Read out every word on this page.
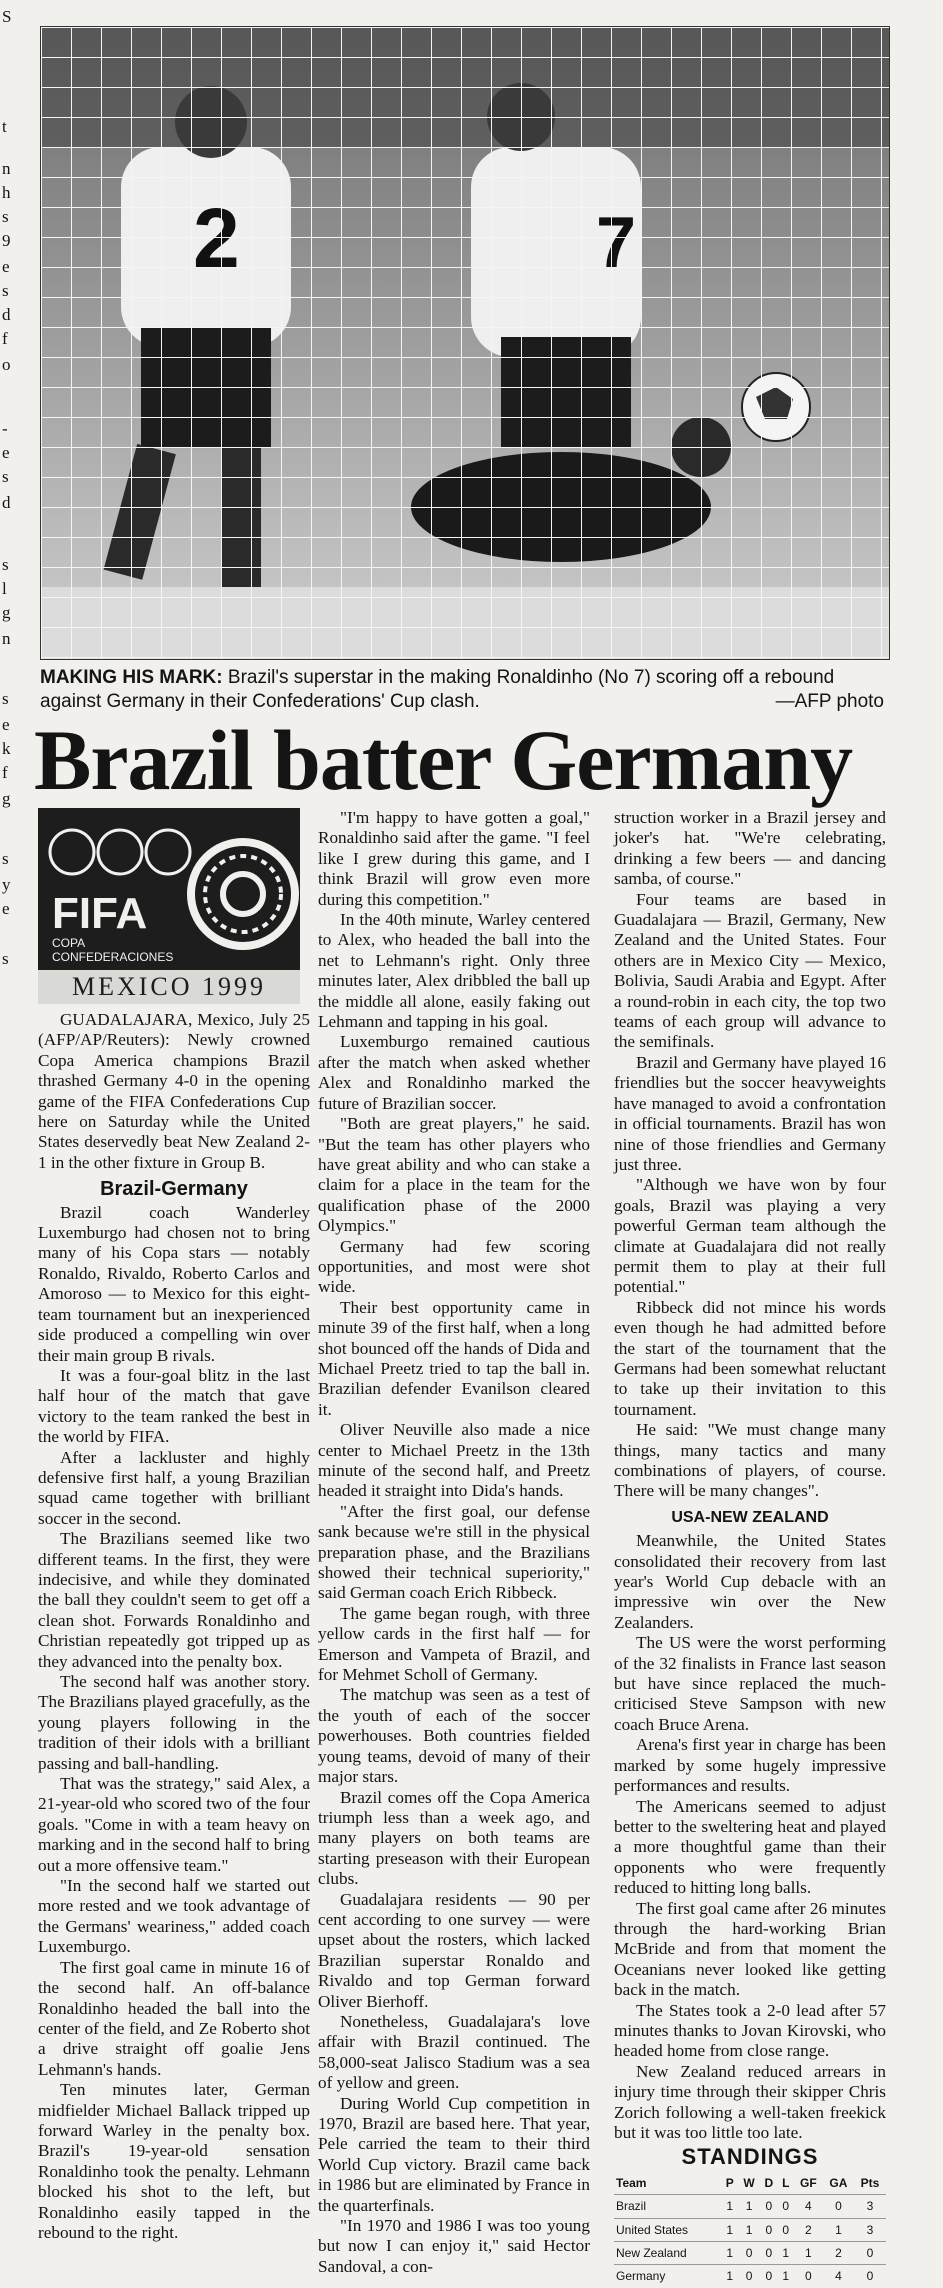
S
t
n
h
s
9
e
s
d
f
o
-
e
s
d
s
l
g
n
s
e
k
f
g
s
y
e
s
MAKING HIS MARK: Brazil's superstar in the making Ronaldinho (No 7) scoring off a rebound against Germany in their Confederations' Cup clash.	—AFP photo
Brazil batter Germany
FIFA
COPA
CONFEDERACIONES
MEXICO 1999

GUADALAJARA, Mexico, July 25 (AFP/AP/Reuters): Newly crowned Copa America champions Brazil thrashed Germany 4-0 in the opening game of the FIFA Confederations Cup here on Saturday while the United States deservedly beat New Zealand 2-1 in the other fixture in Group B.

Brazil-Germany

Brazil coach Wanderley Luxemburgo had chosen not to bring many of his Copa stars — notably Ronaldo, Rivaldo, Roberto Carlos and Amoroso — to Mexico for this eight-team tournament but an inexperienced side produced a compelling win over their main group B rivals.

It was a four-goal blitz in the last half hour of the match that gave victory to the team ranked the best in the world by FIFA.

After a lackluster and highly defensive first half, a young Brazilian squad came together with brilliant soccer in the second.

The Brazilians seemed like two different teams. In the first, they were indecisive, and while they dominated the ball they couldn't seem to get off a clean shot. Forwards Ronaldinho and Christian repeatedly got tripped up as they advanced into the penalty box.

The second half was another story. The Brazilians played gracefully, as the young players following in the tradition of their idols with a brilliant passing and ball-handling.

That was the strategy," said Alex, a 21-year-old who scored two of the four goals. "Come in with a team heavy on marking and in the second half to bring out a more offensive team."

"In the second half we started out more rested and we took advantage of the Germans' weariness," added coach Luxemburgo.

The first goal came in minute 16 of the second half. An off-balance Ronaldinho headed the ball into the center of the field, and Ze Roberto shot a drive straight off goalie Jens Lehmann's hands.

Ten minutes later, German midfielder Michael Ballack tripped up forward Warley in the penalty box. Brazil's 19-year-old sensation Ronaldinho took the penalty. Lehmann blocked his shot to the left, but Ronaldinho easily tapped in the rebound to the right.

"I'm happy to have gotten a goal," Ronaldinho said after the game. "I feel like I grew during this game, and I think Brazil will grow even more during this competition."

In the 40th minute, Warley centered to Alex, who headed the ball into the net to Lehmann's right. Only three minutes later, Alex dribbled the ball up the middle all alone, easily faking out Lehmann and tapping in his goal.

Luxemburgo remained cautious after the match when asked whether Alex and Ronaldinho marked the future of Brazilian soccer.

"Both are great players," he said. "But the team has other players who have great ability and who can stake a claim for a place in the team for the qualification phase of the 2000 Olympics."

Germany had few scoring opportunities, and most were shot wide.

Their best opportunity came in minute 39 of the first half, when a long shot bounced off the hands of Dida and Michael Preetz tried to tap the ball in. Brazilian defender Evanilson cleared it.

Oliver Neuville also made a nice center to Michael Preetz in the 13th minute of the second half, and Preetz headed it straight into Dida's hands.

"After the first goal, our defense sank because we're still in the physical preparation phase, and the Brazilians showed their technical superiority," said German coach Erich Ribbeck.

The game began rough, with three yellow cards in the first half — for Emerson and Vampeta of Brazil, and for Mehmet Scholl of Germany.

The matchup was seen as a test of the youth of each of the soccer powerhouses. Both countries fielded young teams, devoid of many of their major stars.

Brazil comes off the Copa America triumph less than a week ago, and many players on both teams are starting preseason with their European clubs.

Guadalajara residents — 90 per cent according to one survey — were upset about the rosters, which lacked Brazilian superstar Ronaldo and Rivaldo and top German forward Oliver Bierhoff.

Nonetheless, Guadalajara's love affair with Brazil continued. The 58,000-seat Jalisco Stadium was a sea of yellow and green.

During World Cup competition in 1970, Brazil are based here. That year, Pele carried the team to their third World Cup victory. Brazil came back in 1986 but are eliminated by France in the quarterfinals.

"In 1970 and 1986 I was too young but now I can enjoy it," said Hector Sandoval, a con-

struction worker in a Brazil jersey and joker's hat. "We're celebrating, drinking a few beers — and dancing samba, of course."

Four teams are based in Guadalajara — Brazil, Germany, New Zealand and the United States. Four others are in Mexico City — Mexico, Bolivia, Saudi Arabia and Egypt. After a round-robin in each city, the top two teams of each group will advance to the semifinals.

Brazil and Germany have played 16 friendlies but the soccer heavyweights have managed to avoid a confrontation in official tournaments. Brazil has won nine of those friendlies and Germany just three.

"Although we have won by four goals, Brazil was playing a very powerful German team although the climate at Guadalajara did not really permit them to play at their full potential."

Ribbeck did not mince his words even though he had admitted before the start of the tournament that the Germans had been somewhat reluctant to take up their invitation to this tournament.

He said: "We must change many things, many tactics and many combinations of players, of course. There will be many changes".

USA-NEW ZEALAND

Meanwhile, the United States consolidated their recovery from last year's World Cup debacle with an impressive win over the New Zealanders.

The US were the worst performing of the 32 finalists in France last season but have since replaced the much-criticised Steve Sampson with new coach Bruce Arena.

Arena's first year in charge has been marked by some hugely impressive performances and results.

The Americans seemed to adjust better to the sweltering heat and played a more thoughtful game than their opponents who were frequently reduced to hitting long balls.

The first goal came after 26 minutes through the hard-working Brian McBride and from that moment the Oceanians never looked like getting back in the match.

The States took a 2-0 lead after 57 minutes thanks to Jovan Kirovski, who headed home from close range.

New Zealand reduced arrears in injury time through their skipper Chris Zorich following a well-taken freekick but it was too little too late.

STANDINGS
Team	P	W	D	L	GF	GA	Pts
Brazil	1	1	0	0	4	0	3
United States	1	1	0	0	2	1	3
New Zealand	1	0	0	1	1	2	0
Germany	1	0	0	1	0	4	0
